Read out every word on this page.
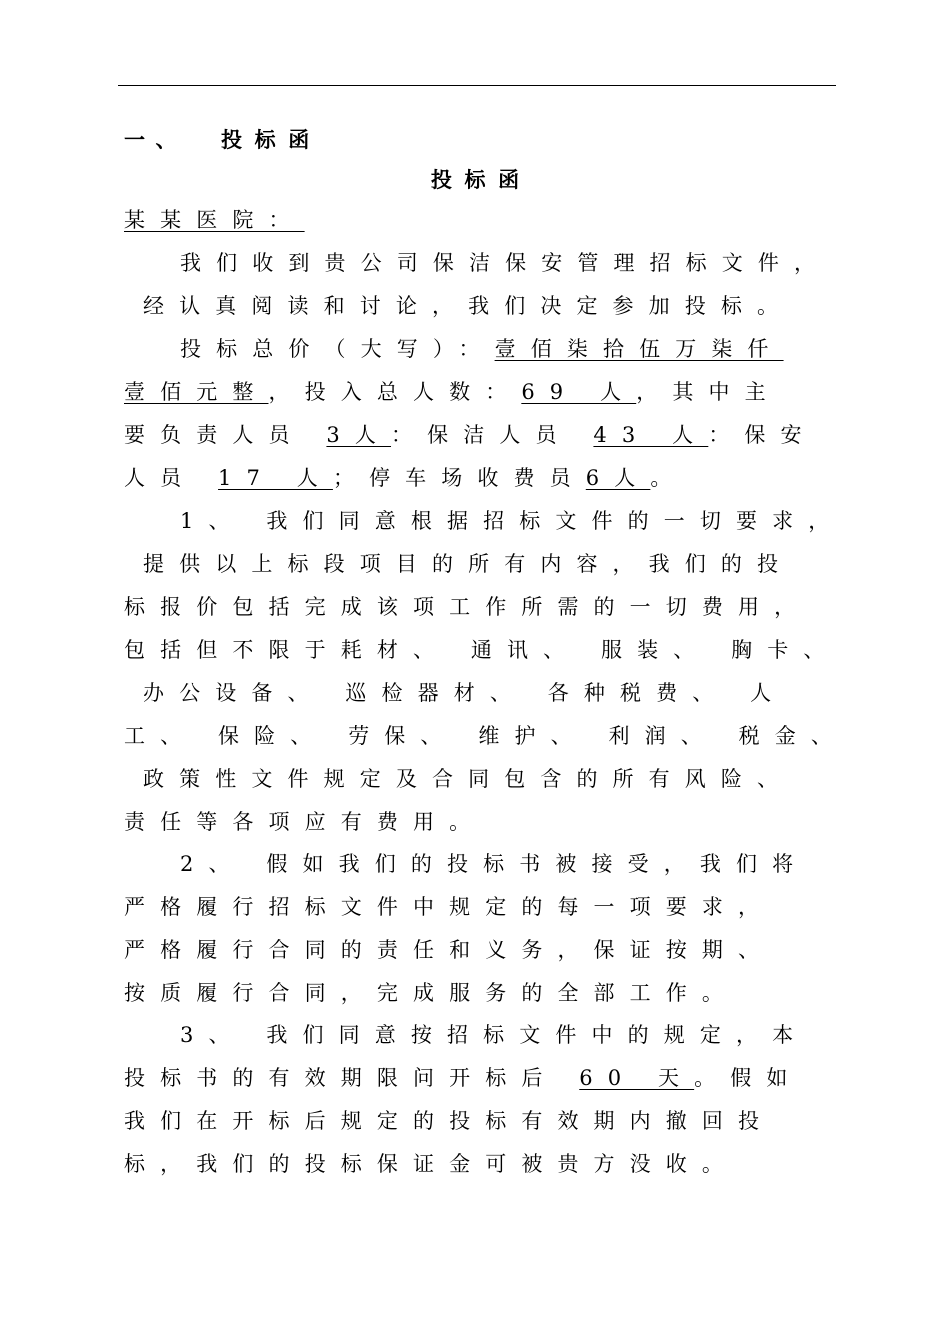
一、 投标函
投标函
某某医院：
我们收到贵公司保洁保安管理招标文件，
经认真阅读和讨论，我们决定参加投标。
投标总价（大写）：壹佰柒拾伍万柒仟
壹佰元整，投入总人数：69 人，其中主
要负责人员 3人：保洁人员 43 人：保安
人员 17 人；停车场收费员6人。
1、 我们同意根据招标文件的一切要求，
提供以上标段项目的所有内容，我们的投
标报价包括完成该项工作所需的一切费用，
包括但不限于耗材、 通讯、 服装、 胸卡、
办公设备、 巡检器材、 各种税费、 人
工、 保险、 劳保、 维护、 利润、 税金、
政策性文件规定及合同包含的所有风险、
责任等各项应有费用。
2、 假如我们的投标书被接受，我们将
严格履行招标文件中规定的每一项要求，
严格履行合同的责任和义务，保证按期、
按质履行合同，完成服务的全部工作。
3、 我们同意按招标文件中的规定，本
投标书的有效期限问开标后 60 天。假如
我们在开标后规定的投标有效期内撤回投
标，我们的投标保证金可被贵方没收。
